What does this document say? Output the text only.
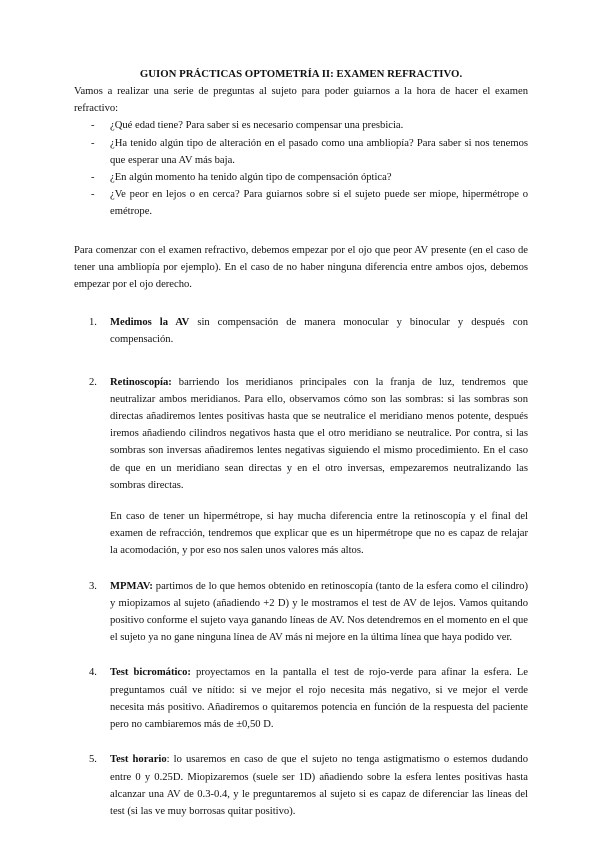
GUION PRÁCTICAS OPTOMETRÍA II: EXAMEN REFRACTIVO.

Vamos a realizar una serie de preguntas al sujeto para poder guiarnos a la hora de hacer el examen refractivo:

- ¿Qué edad tiene? Para saber si es necesario compensar una presbicia.
- ¿Ha tenido algún tipo de alteración en el pasado como una ambliopía? Para saber si nos tenemos que esperar una AV más baja.
- ¿En algún momento ha tenido algún tipo de compensación óptica?
- ¿Ve peor en lejos o en cerca? Para guiarnos sobre si el sujeto puede ser miope, hipermétrope o emétrope.

Para comenzar con el examen refractivo, debemos empezar por el ojo que peor AV presente (en el caso de tener una ambliopía por ejemplo). En el caso de no haber ninguna diferencia entre ambos ojos, debemos empezar por el ojo derecho.

1. Medimos la AV sin compensación de manera monocular y binocular y después con compensación.

2. Retinoscopía: barriendo los meridianos principales con la franja de luz, tendremos que neutralizar ambos meridianos. Para ello, observamos cómo son las sombras: si las sombras son directas añadiremos lentes positivas hasta que se neutralice el meridiano menos potente, después iremos añadiendo cilindros negativos hasta que el otro meridiano se neutralice. Por contra, si las sombras son inversas añadiremos lentes negativas siguiendo el mismo procedimiento. En el caso de que en un meridiano sean directas y en el otro inversas, empezaremos neutralizando las sombras directas.

En caso de tener un hipermétrope, si hay mucha diferencia entre la retinoscopía y el final del examen de refracción, tendremos que explicar que es un hipermétrope que no es capaz de relajar la acomodación, y por eso nos salen unos valores más altos.

3. MPMAV: partimos de lo que hemos obtenido en retinoscopía (tanto de la esfera como el cilindro) y miopizamos al sujeto (añadiendo +2 D) y le mostramos el test de AV de lejos. Vamos quitando positivo conforme el sujeto vaya ganando líneas de AV. Nos detendremos en el momento en el que el sujeto ya no gane ninguna línea de AV más ni mejore en la última línea que haya podido ver.

4. Test bicromático: proyectamos en la pantalla el test de rojo-verde para afinar la esfera. Le preguntamos cuál ve nítido: si ve mejor el rojo necesita más negativo, si ve mejor el verde necesita más positivo. Añadiremos o quitaremos potencia en función de la respuesta del paciente pero no cambiaremos más de ±0,50 D.

5. Test horario: lo usaremos en caso de que el sujeto no tenga astigmatismo o estemos dudando entre 0 y 0.25D. Miopizaremos (suele ser 1D) añadiendo sobre la esfera lentes positivas hasta alcanzar una AV de 0.3-0.4, y le preguntaremos al sujeto si es capaz de diferenciar las líneas del test (si las ve muy borrosas quitar positivo).
